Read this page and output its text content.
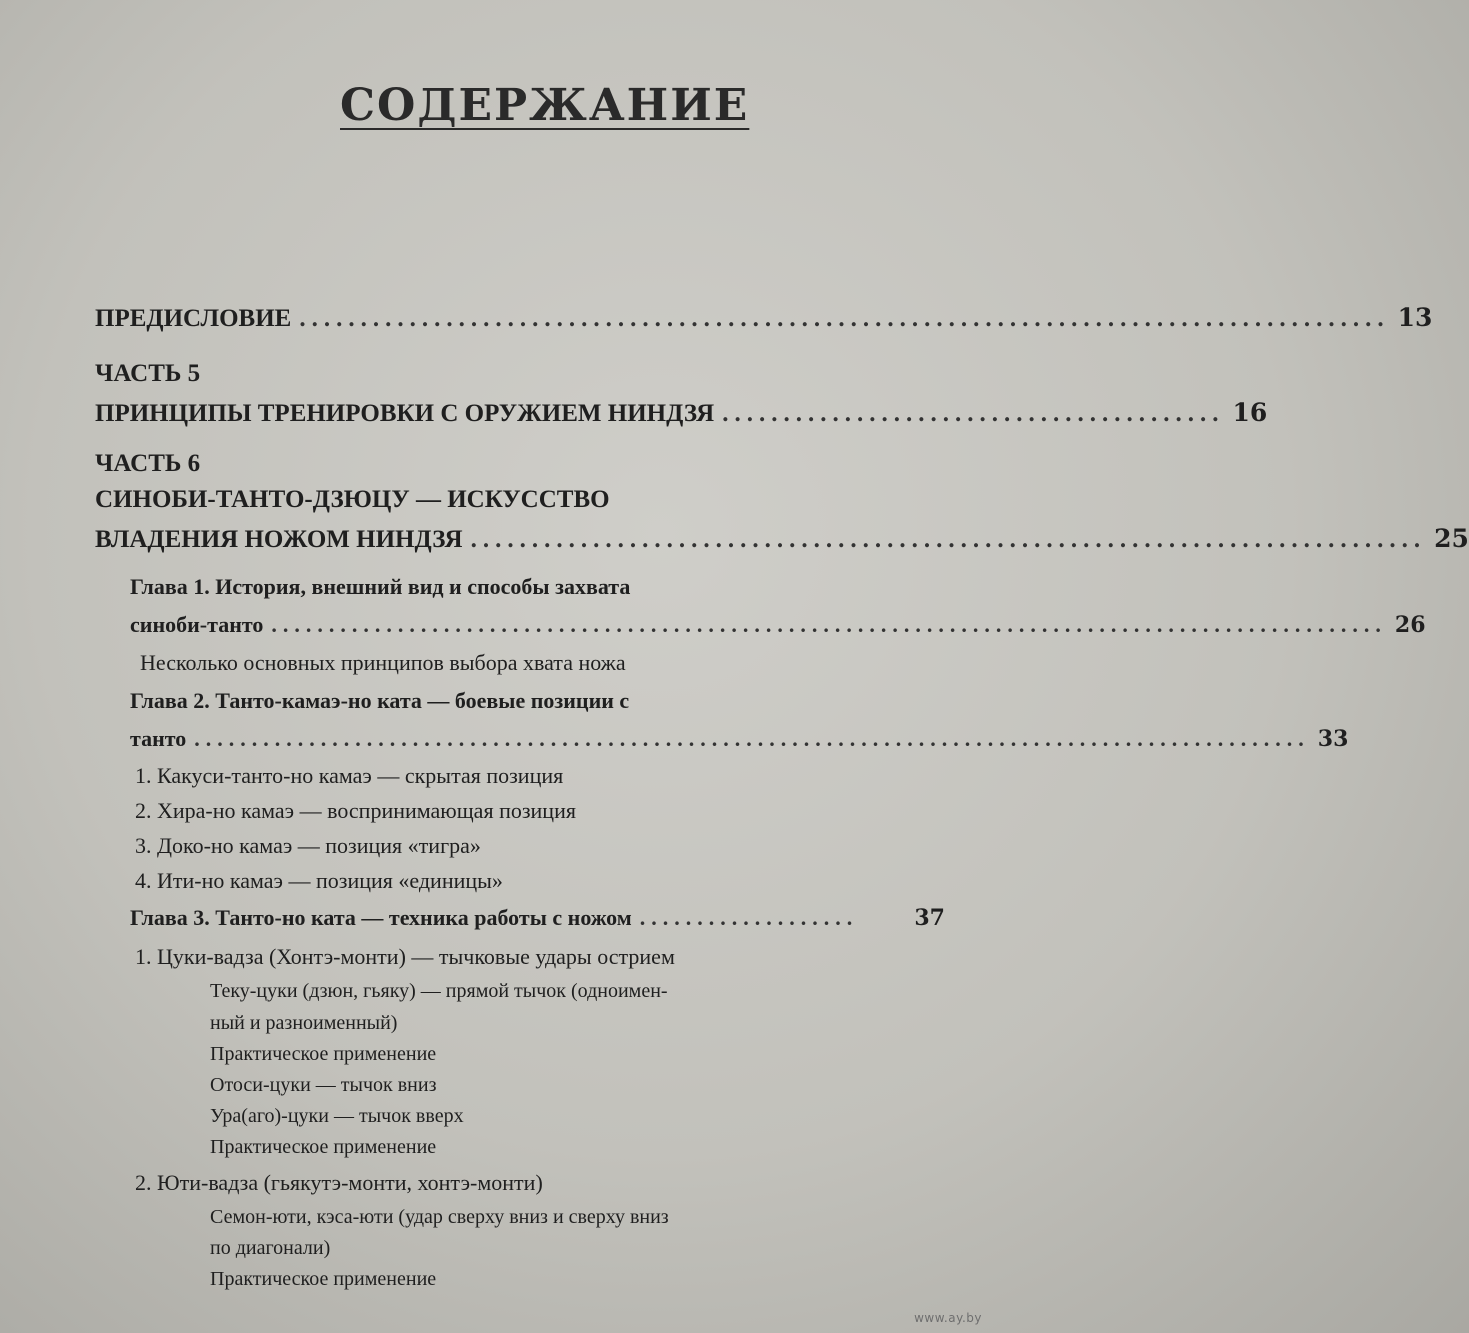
СОДЕРЖАНИЕ
ПРЕДИСЛОВИЕ ......................................................................................... 13
ЧАСТЬ 5
ПРИНЦИПЫ ТРЕНИРОВКИ С ОРУЖИЕМ НИНДЗЯ ......................................... 16
ЧАСТЬ 6
СИНОБИ-ТАНТО-ДЗЮЦУ — ИСКУССТВО
ВЛАДЕНИЯ НОЖОМ НИНДЗЯ .............................................................................. 25
Глава 1. История, внешний вид и способы захвата
синоби-танто ................................................................................................. 26
Несколько основных принципов выбора хвата ножа
Глава 2. Танто-камаэ-но ката — боевые позиции с
танто ................................................................................................. 33
1. Какуси-танто-но камаэ — скрытая позиция
2. Хира-но камаэ — воспринимающая позиция
3. Доко-но камаэ — позиция «тигра»
4. Ити-но камаэ — позиция «единицы»
Глава 3. Танто-но ката — техника работы с ножом ...................	37
1. Цуки-вадза (Хонтэ-монти) — тычковые удары острием
Теку-цуки (дзюн, гьяку) — прямой тычок (одноимен-
ный и разноименный)
Практическое применение
Отоси-цуки — тычок вниз
Ура(аго)-цуки — тычок вверх
Практическое применение
2. Юти-вадза (гьякутэ-монти, хонтэ-монти)
Семон-юти, кэса-юти (удар сверху вниз и сверху вниз
по диагонали)
Практическое применение
www.ay.by
